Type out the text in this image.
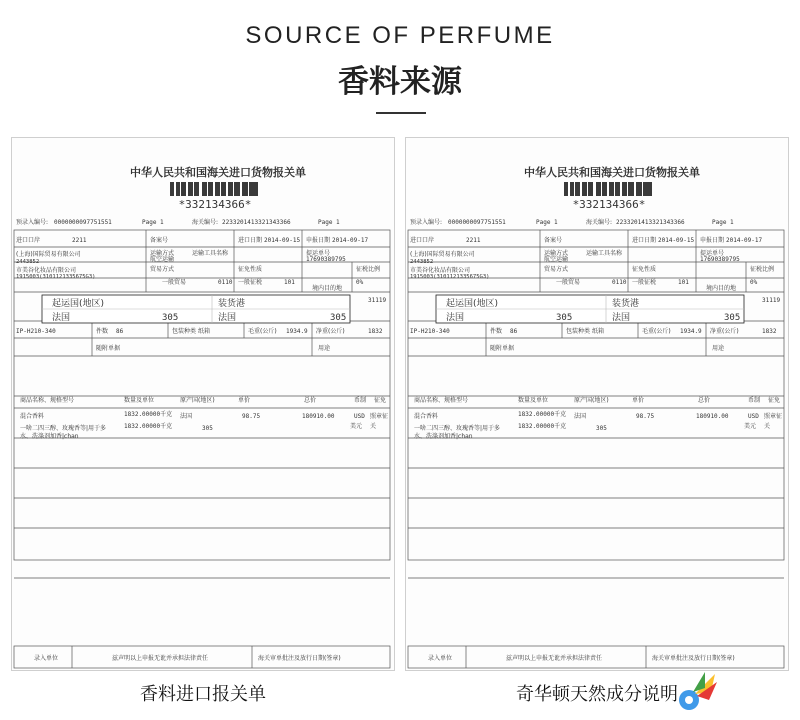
SOURCE OF PERFUME
香料来源
中华人民共和国海关进口货物报关单
*332134366*
预录入编号: 0000000097751551	Page 1	海关编号: 2233201413321343366	Page 1
进口口岸	2211	备案号	进口日期 2014-09-15 申报日期 2014-09-17
(上海)国际贸易有限公司
2443852
运输方式
航空运输
运输工具名称	提运单号
17690389795
市美谷化妆品有限公司
1915003(3101121335675G3)
贸易方式
一般贸易	0110
征免性质
一般征税	101
征税比例
0%
境内目的地
31119
起运国(地区)
法国	305
装货港
法国	305
IP-H210-340	件数 86	包装种类 纸箱	毛重(公斤) 1934.9 净重(公斤)	1832
随附单据	用途
商品名称、规格型号	数量及单位	原产国(地区)	单价	总价	币制 征免
混合香料	1832.00000千克 法国	98.75	180910.00	USD 照章征
一啥二四三醇、玫瑰香等|用于多	1832.00000千克	305	美元 关
水、洗涤剂加香|chan
录入单位	兹声明以上申报无讹并承担法律责任	海关审单批注及放行日期(签章)
中华人民共和国海关进口货物报关单
*332134366*
预录入编号: 0000000097751551	Page 1	海关编号: 2233201413321343366	Page 1
进口口岸	2211	备案号	进口日期 2014-09-15 申报日期 2014-09-17
(上海)国际贸易有限公司
2443852
运输方式
航空运输
运输工具名称	提运单号
17690389795
市美谷化妆品有限公司
1915003(3101121335675G3)
贸易方式
一般贸易	0110
征免性质
一般征税	101
征税比例
0%
境内目的地
31119
起运国(地区)
法国	305
装货港
法国	305
IP-H210-340	件数 86	包装种类 纸箱	毛重(公斤) 1934.9 净重(公斤)	1832
随附单据	用途
商品名称、规格型号	数量及单位	原产国(地区)	单价	总价	币制 征免
混合香料	1832.00000千克 法国	98.75	180910.00	USD 照章征
一啥二四三醇、玫瑰香等|用于多	1832.00000千克	305	美元 关
水、洗涤剂加香|chan
录入单位	兹声明以上申报无讹并承担法律责任	海关审单批注及放行日期(签章)
香料进口报关单	奇华顿天然成分说明
